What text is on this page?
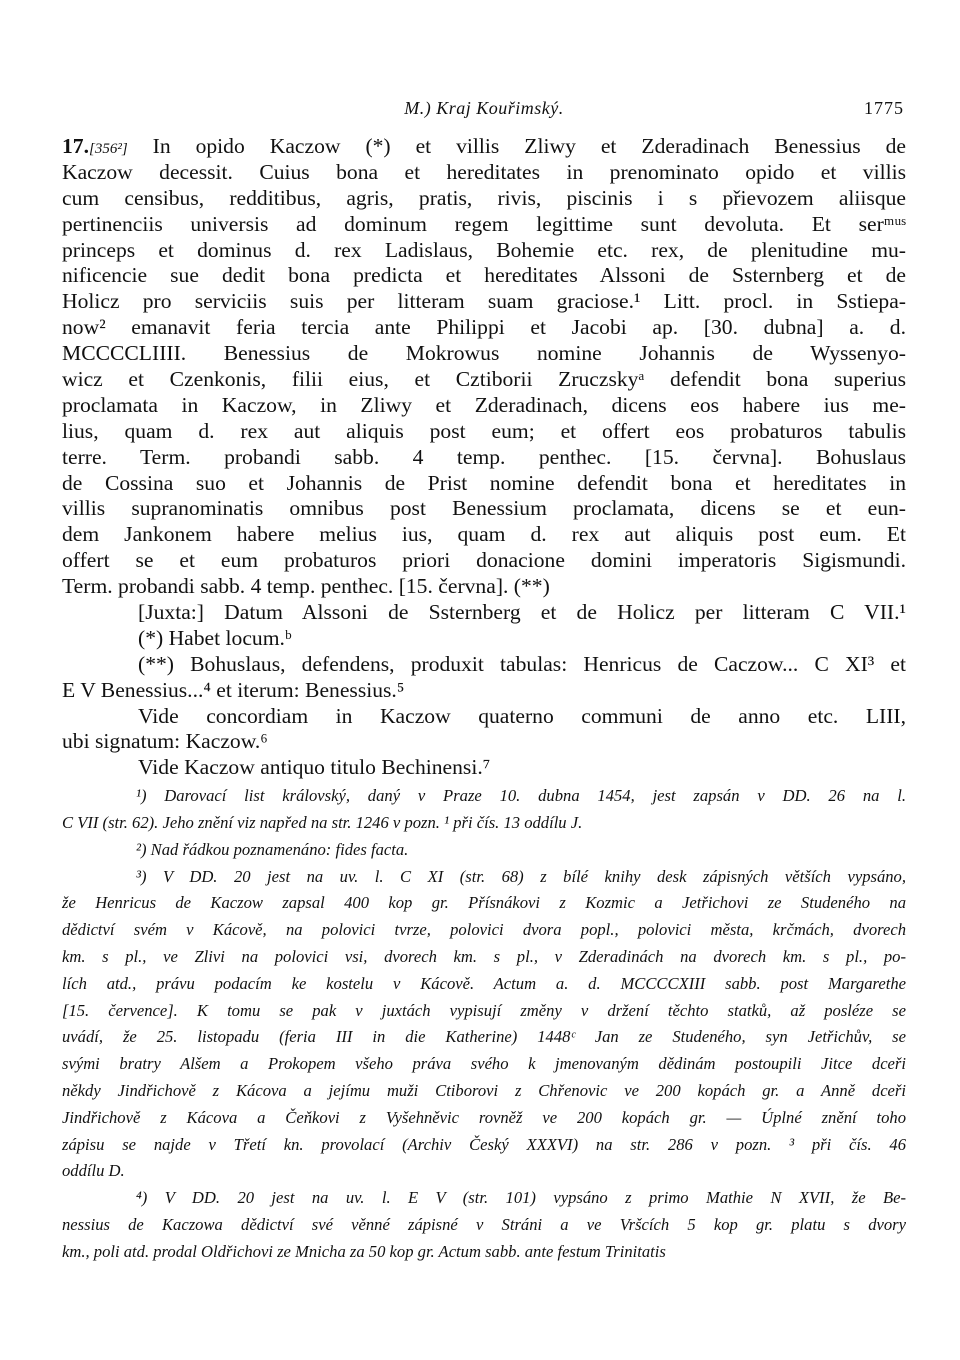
M.) Kraj Kouřimský.	1775
17.[356²] In opido Kaczow (*) et villis Zliwy et Zderadinach Benessius de
Kaczow decessit. Cuius bona et hereditates in prenominato opido et villis
cum censibus, redditibus, agris, pratis, rivis, piscinis i s přievozem aliisque
pertinenciis universis ad dominum regem legittime sunt devoluta. Et serᵐᵘˢ
princeps et dominus d. rex Ladislaus, Bohemie etc. rex, de plenitudine mu-
nificencie sue dedit bona predicta et hereditates Alssoni de Ssternberg et de
Holicz pro serviciis suis per litteram suam graciose.¹ Litt. procl. in Sstiepa-
now² emanavit feria tercia ante Philippi et Jacobi ap. [30. dubna] a. d.
MCCCCLIIII. Benessius de Mokrowus nomine Johannis de Wyssenyo-
wicz et Czenkonis, filii eius, et Cztiborii Zruczskyᵃ defendit bona superius
proclamata in Kaczow, in Zliwy et Zderadinach, dicens eos habere ius me-
lius, quam d. rex aut aliquis post eum; et offert eos probaturos tabulis
terre. Term. probandi sabb. 4 temp. penthec. [15. června]. Bohuslaus
de Cossina suo et Johannis de Prist nomine defendit bona et hereditates in
villis supranominatis omnibus post Benessium proclamata, dicens se et eun-
dem Jankonem habere melius ius, quam d. rex aut aliquis post eum. Et
offert se et eum probaturos priori donacione domini imperatoris Sigismundi.
Term. probandi sabb. 4 temp. penthec. [15. června]. (**)
[Juxta:] Datum Alssoni de Ssternberg et de Holicz per litteram C VII.¹
(*) Habet locum.ᵇ
(**) Bohuslaus, defendens, produxit tabulas: Henricus de Caczow... C XI³ et
E V Benessius...⁴ et iterum: Benessius.⁵
Vide concordiam in Kaczow quaterno communi de anno etc. LIII,
ubi signatum: Kaczow.⁶
Vide Kaczow antiquo titulo Bechinensi.⁷
¹) Darovací list královský, daný v Praze 10. dubna 1454, jest zapsán v DD. 26 na l.
C VII (str. 62). Jeho znění viz napřed na str. 1246 v pozn. ¹ při čís. 13 oddílu J.
²) Nad řádkou poznamenáno: fides facta.
³) V DD. 20 jest na uv. l. C XI (str. 68) z bílé knihy desk zápisných větších vypsáno,
že Henricus de Kaczow zapsal 400 kop gr. Přísnákovi z Kozmic a Jetřichovi ze Studeného na
dědictví svém v Kácově, na polovici tvrze, polovici dvora popl., polovici města, krčmách, dvorech
km. s pl., ve Zlivi na polovici vsi, dvorech km. s pl., v Zderadinách na dvorech km. s pl., po-
lích atd., právu podacím ke kostelu v Kácově. Actum a. d. MCCCCXIII sabb. post Margarethe
[15. července]. K tomu se pak v juxtách vypisují změny v držení těchto statků, až posléze se
uvádí, že 25. listopadu (feria III in die Katherine) 1448ᶜ Jan ze Studeného, syn Jetřichův, se
svými bratry Alšem a Prokopem všeho práva svého k jmenovaným dědinám postoupili Jitce dceři
někdy Jindřichově z Kácova a jejímu muži Ctiborovi z Chřenovic ve 200 kopách gr. a Anně dceři
Jindřichově z Kácova a Čeňkovi z Vyšehněvic rovněž ve 200 kopách gr. — Úplné znění toho
zápisu se najde v Třetí kn. provolací (Archiv Český XXXVI) na str. 286 v pozn. ³ při čís. 46
oddílu D.
⁴) V DD. 20 jest na uv. l. E V (str. 101) vypsáno z primo Mathie N XVII, že Be-
nessius de Kaczowa dědictví své věnné zápisné v Stráni a ve Vršcích 5 kop gr. platu s dvory
km., poli atd. prodal Oldřichovi ze Mnicha za 50 kop gr. Actum sabb. ante festum Trinitatis
